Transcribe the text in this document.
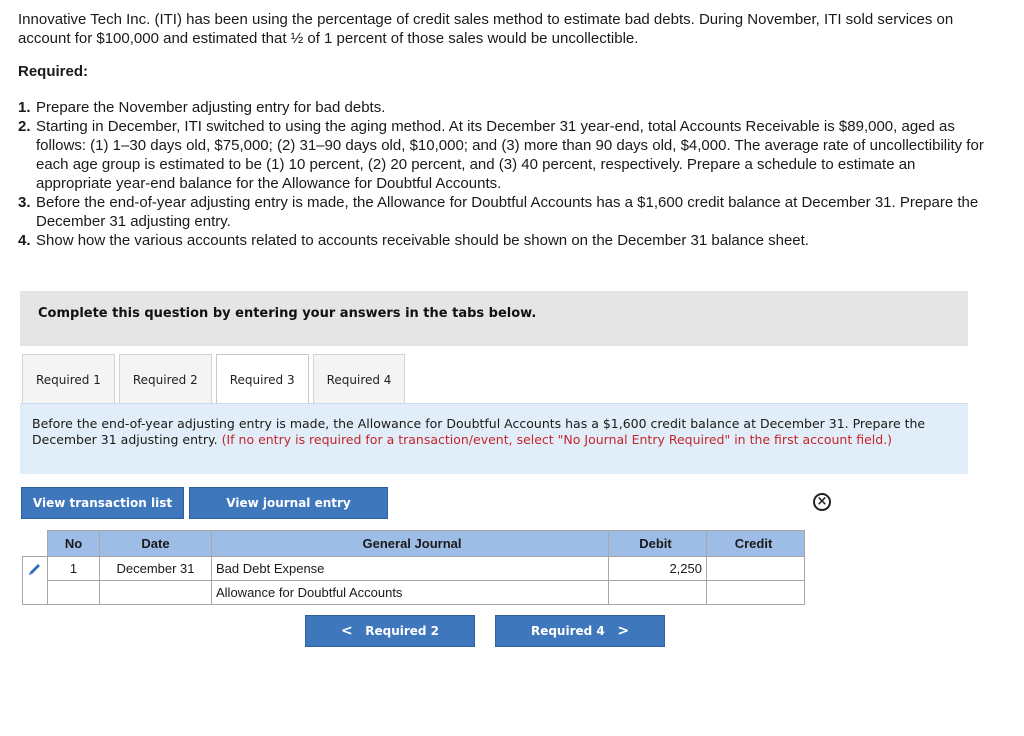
Innovative Tech Inc. (ITI) has been using the percentage of credit sales method to estimate bad debts. During November, ITI sold services on account for $100,000 and estimated that ½ of 1 percent of those sales would be uncollectible.

Required:

1. Prepare the November adjusting entry for bad debts.
2. Starting in December, ITI switched to using the aging method. At its December 31 year-end, total Accounts Receivable is $89,000, aged as follows: (1) 1–30 days old, $75,000; (2) 31–90 days old, $10,000; and (3) more than 90 days old, $4,000. The average rate of uncollectibility for each age group is estimated to be (1) 10 percent, (2) 20 percent, and (3) 40 percent, respectively. Prepare a schedule to estimate an appropriate year-end balance for the Allowance for Doubtful Accounts.
3. Before the end-of-year adjusting entry is made, the Allowance for Doubtful Accounts has a $1,600 credit balance at December 31. Prepare the December 31 adjusting entry.
4. Show how the various accounts related to accounts receivable should be shown on the December 31 balance sheet.
Complete this question by entering your answers in the tabs below.
Required 1	Required 2	Required 3	Required 4
Before the end-of-year adjusting entry is made, the Allowance for Doubtful Accounts has a $1,600 credit balance at December 31. Prepare the December 31 adjusting entry. (If no entry is required for a transaction/event, select "No Journal Entry Required" in the first account field.)
View transaction list	View journal entry	×
	No	Date	General Journal	Debit	Credit
	1	December 31	Bad Debt Expense	2,250	
			Allowance for Doubtful Accounts		
< Required 2	Required 4 >
